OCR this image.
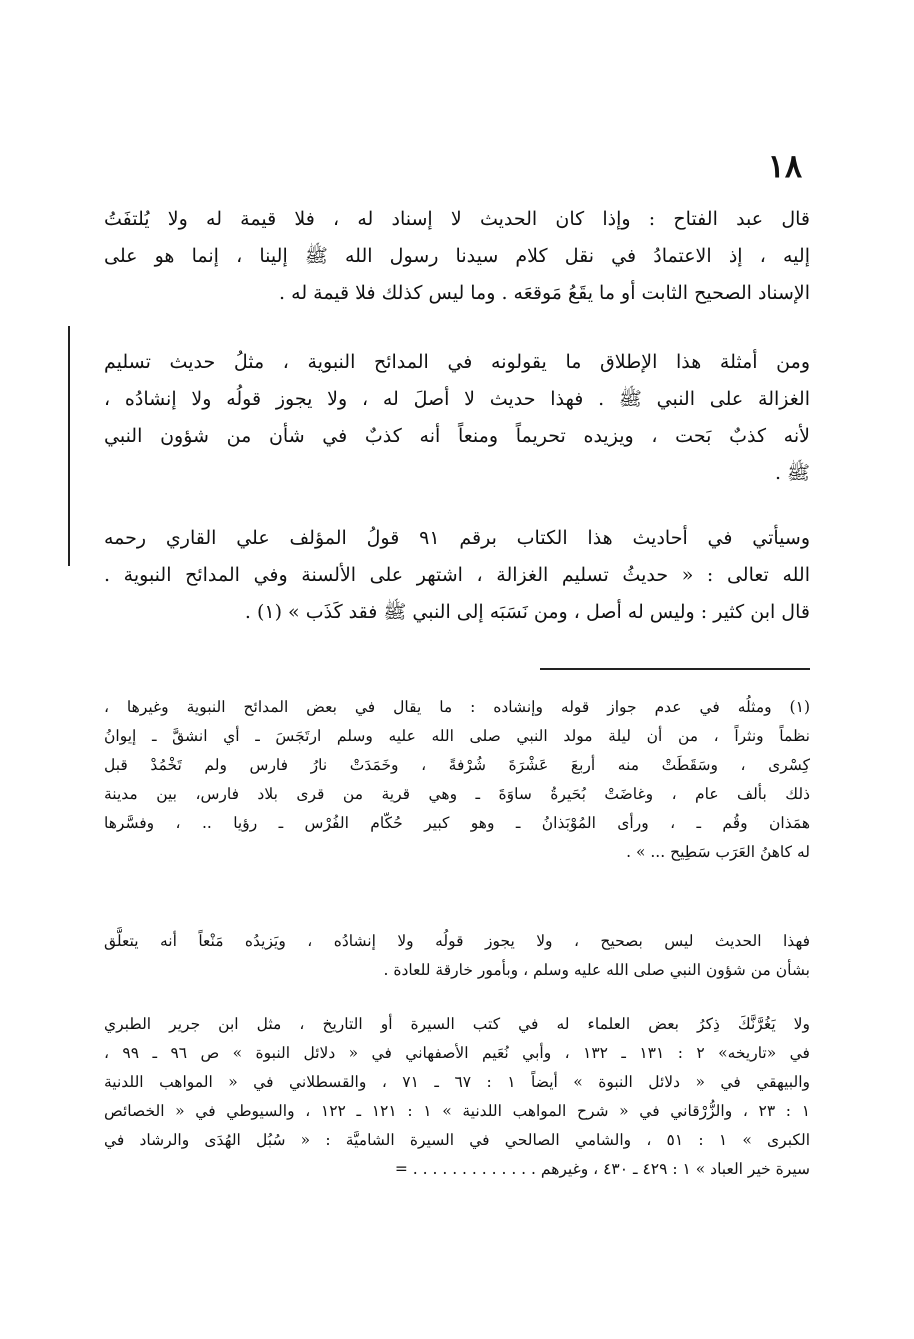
١٨
قال عبد الفتاح : وإذا كان الحديث لا إسناد له ، فلا قيمة له ولا يُلتفَتُ
إليه ، إذ الاعتمادُ في نقل كلام سيدنا رسول الله ﷺ إلينا ، إنما هو على
الإسناد الصحيح الثابت أو ما يقَعُ مَوقعَه . وما ليس كذلك فلا قيمة له .
ومن أمثلة هذا الإطلاق ما يقولونه في المدائح النبوية ، مثلُ حديث تسليم
الغزالة على النبي ﷺ . فهذا حديث لا أصلَ له ، ولا يجوز قولُه ولا إنشادُه ،
لأنه كذبٌ بَحت ، ويزيده تحريماً ومنعاً أنه كذبٌ في شأن من شؤون النبي
ﷺ .
وسيأتي في أحاديث هذا الكتاب برقم ٩١ قولُ المؤلف علي القاري رحمه
الله تعالى : « حديثُ تسليم الغزالة ، اشتهر على الألسنة وفي المدائح النبوية .
قال ابن كثير : وليس له أصل ، ومن نَسَبَه إلى النبي ﷺ فقد كَذَب » (١) .
(١) ومثلُه في عدم جواز قوله وإنشاده : ما يقال في بعض المدائح النبوية وغيرها ،
نظماً ونثراً ، من أن ليلة مولد النبي صلى الله عليه وسلم ارتَجَسَ ـ أي انشقَّ ـ إيوانُ
كِسْرى ، وسَقَطَتْ منه أربعَ عَشْرَةَ شُرْفةً ، وخَمَدَتْ نارُ فارس ولم تَخْمُدْ قبل
ذلك بألف عام ، وغاضَتْ بُحَيرةُ ساوَةَ ـ وهي قرية من قرى بلاد فارس، بين مدينة
همَذان وقُم ـ ، ورأى المُوْبَذانُ ـ وهو كبير حُكّام الفُرْس ـ رؤيا .. ، وفسَّرها
له كاهنُ العَرَب سَطِيح ... » .
فهذا الحديث ليس بصحيح ، ولا يجوز قولُه ولا إنشادُه ، ويَزيدُه مَنْعاً أنه يتعلَّق
بشأن من شؤون النبي صلى الله عليه وسلم ، وبأمور خارقة للعادة .
ولا يَغُرَّنَّكَ ذِكرُ بعض العلماء له في كتب السيرة أو التاريخ ، مثل ابن جرير الطبري
في «تاريخه» ٢ : ١٣١ ـ ١٣٢ ، وأبي نُعَيم الأصفهاني في « دلائل النبوة » ص ٩٦ ـ ٩٩ ،
والبيهقي في « دلائل النبوة » أيضاً ١ : ٦٧ ـ ٧١ ، والقسطلاني في « المواهب اللدنية
١ : ٢٣ ، والزُّرْقاني في « شرح المواهب اللدنية » ١ : ١٢١ ـ ١٢٢ ، والسيوطي في « الخصائص
الكبرى » ١ : ٥١ ، والشامي الصالحي في السيرة الشاميَّة : « سُبُل الهُدَى والرشاد في
سيرة خير العباد » ١ : ٤٢٩ ـ ٤٣٠ ، وغيرهم . . . . . . . . . . . . . =
